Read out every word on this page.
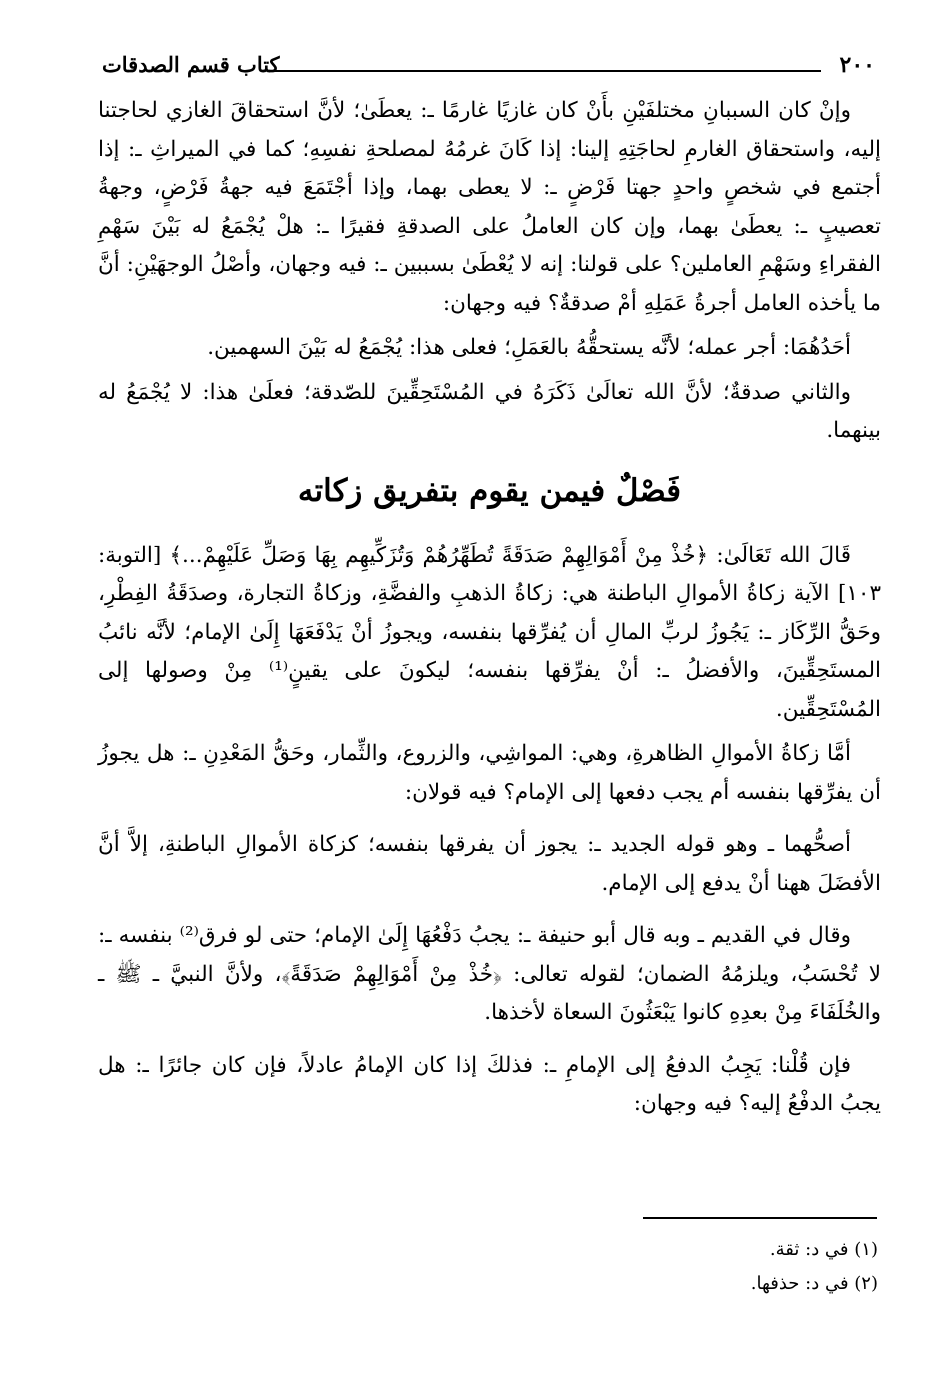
٢٠٠
كتاب قسم الصدقات

وإنْ كان السببانِ مختلفَيْنِ بأَنْ كان غازيًا غارمًا ـ: يعطَىٰ؛ لأنَّ استحقاقَ الغازي لحاجتنا إليه، واستحقاق الغارمِ لحاجَتِهِ إلينا: إذا كَانَ غرمُهُ لمصلحةِ نفسِهِ؛ كما في الميراثِ ـ: إذا أجتمع في شخصٍ واحدٍ جهتا فَرْضٍ ـ: لا يعطى بهما، وإذا أجْتَمَعَ فيه جهةُ فَرْضٍ، وجهةُ تعصيبٍ ـ: يعطَىٰ بهما، وإن كان العاملُ على الصدقةِ فقيرًا ـ: هلْ يُجْمَعُ له بَيْنَ سَهْمِ الفقراءِ وسَهْمِ العاملين؟ على قولنا: إنه لا يُعْطَىٰ بسببين ـ: فيه وجهان، وأصْلُ الوجهَيْنِ: أنَّ ما يأخذه العامل أجرةُ عَمَلِهِ أمْ صدقةٌ؟ فيه وجهان:

أحَدُهُمَا: أجر عمله؛ لأنَّه يستحقُّهُ بالعَمَلِ؛ فعلى هذا: يُجْمَعُ له بَيْنَ السهمين.

والثاني صدقةٌ؛ لأنَّ الله تعالَىٰ ذَكَرَهُ في المُسْتَحِقِّينَ للصّدقة؛ فعلَىٰ هذا: لا يُجْمَعُ له بينهما.

فَصْلٌ فيمن يقوم بتفريق زكاته

قَالَ الله تَعَالَىٰ: ﴿خُذْ مِنْ أَمْوَالِهِمْ صَدَقَةً تُطَهِّرُهُمْ وَتُزَكِّيهِم بِهَا وَصَلِّ عَلَيْهِمْ...﴾ [التوبة: ١٠٣] الآية زكاةُ الأموالِ الباطنة هي: زكاةُ الذهبِ والفضَّةِ، وزكاةُ التجارة، وصدَقَةُ الفِطْرِ، وحَقُّ الرِّكَاز ـ: يَجُوزُ لربِّ المالِ أن يُفرِّقها بنفسه، ويجوزُ أنْ يَدْفَعَهَا إِلَىٰ الإمام؛ لأنَّه نائبُ المستَحِقِّينَ، والأفضلُ ـ: أنْ يفرِّقها بنفسه؛ ليكونَ على يقينٍ⁽¹⁾ مِنْ وصولها إلى المُسْتَحِقِّين.

أمَّا زكاةُ الأموالِ الظاهرةِ، وهي: المواشِي، والزروع، والثِّمار، وحَقُّ المَعْدِنِ ـ: هل يجوزُ أن يفرِّقها بنفسه أم يجب دفعها إلى الإمام؟ فيه قولان:

أصحُّهما ـ وهو قوله الجديد ـ: يجوز أن يفرقها بنفسه؛ كزكاة الأموالِ الباطنةِ، إلاَّ أنَّ الأفضَلَ ههنا أنْ يدفع إلى الإمام.

وقال في القديم ـ وبه قال أبو حنيفة ـ: يجبُ دَفْعُهَا إِلَىٰ الإمام؛ حتى لو فرق⁽²⁾ بنفسه ـ: لا تُحْسَبُ، ويلزمُهُ الضمان؛ لقوله تعالى: ﴿خُذْ مِنْ أَمْوَالِهِمْ صَدَقَةً﴾، ولأنَّ النبيَّ ـ ﷺ ـ والخُلَفَاءَ مِنْ بعدِهِ كانوا يَبْعَثُونَ السعاة لأخذها.

فإن قُلْنا: يَجِبُ الدفعُ إلى الإمامِ ـ: فذلكَ إذا كان الإمامُ عادلاً، فإن كان جائرًا ـ: هل يجبُ الدفْعُ إليه؟ فيه وجهان:

(١) في د: ثقة.

(٢) في د: حذفها.
